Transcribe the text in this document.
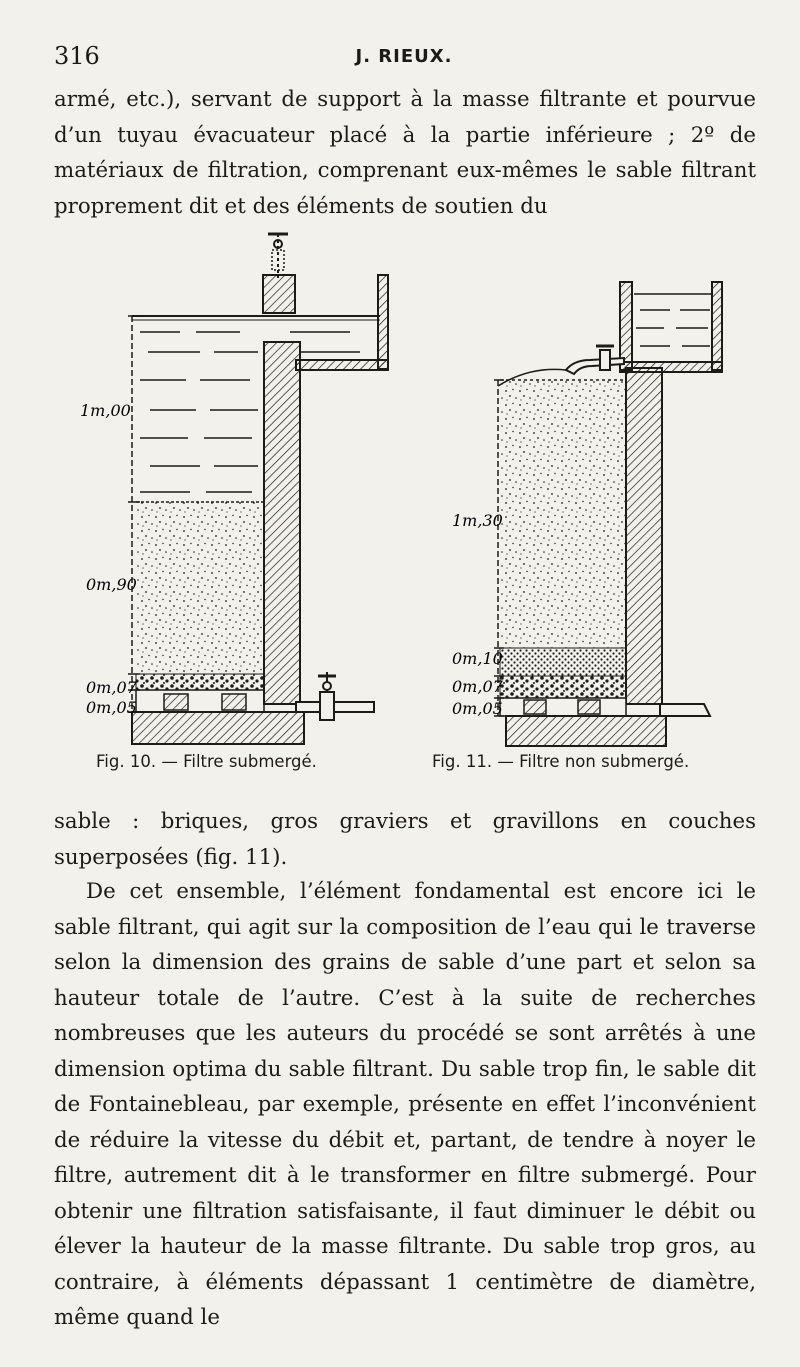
316	J. RIEUX.

armé, etc.), servant de support à la masse filtrante et pourvue d’un tuyau évacuateur placé à la partie inférieure ; 2º de matériaux de filtration, comprenant eux-mêmes le sable filtrant proprement dit et des éléments de soutien du

1m,00
0m,90
0m,07
0m,05
1m,30
0m,10
0m,07
0m,05
Fig. 10. — Filtre submergé.	Fig. 11. — Filtre non submergé.

sable : briques, gros graviers et gravillons en couches superposées (fig. 11).

De cet ensemble, l’élément fondamental est encore ici le sable filtrant, qui agit sur la composition de l’eau qui le traverse selon la dimension des grains de sable d’une part et selon sa hauteur totale de l’autre. C’est à la suite de recherches nombreuses que les auteurs du procédé se sont arrêtés à une dimension optima du sable filtrant. Du sable trop fin, le sable dit de Fontainebleau, par exemple, présente en effet l’inconvénient de réduire la vitesse du débit et, partant, de tendre à noyer le filtre, autrement dit à le transformer en filtre submergé. Pour obtenir une filtration satisfaisante, il faut diminuer le débit ou élever la hauteur de la masse filtrante. Du sable trop gros, au contraire, à éléments dépassant 1 centimètre de diamètre, même quand le
